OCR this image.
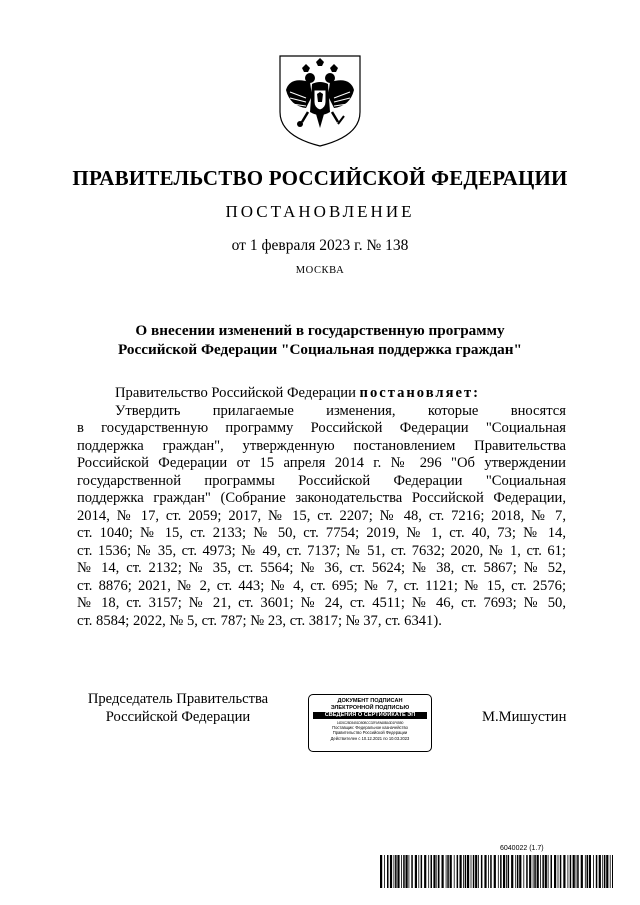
ПРАВИТЕЛЬСТВО РОССИЙСКОЙ ФЕДЕРАЦИИ
ПОСТАНОВЛЕНИЕ
от 1 февраля 2023 г. № 138
МОСКВА
О внесении изменений в государственную программу
Российской Федерации "Социальная поддержка граждан"
Правительство Российской Федерации постановляет:
Утвердить прилагаемые изменения, которые вносятся
в государственную программу Российской Федерации "Социальная
поддержка граждан", утвержденную постановлением Правительства
Российской Федерации от 15 апреля 2014 г. № 296 "Об утверждении
государственной программы Российской Федерации "Социальная
поддержка граждан" (Собрание законодательства Российской Федерации,
2014, № 17, ст. 2059; 2017, № 15, ст. 2207; № 48, ст. 7216; 2018, № 7,
ст. 1040; № 15, ст. 2133; № 50, ст. 7754; 2019, № 1, ст. 40, 73; № 14,
ст. 1536; № 35, ст. 4973; № 49, ст. 7137; № 51, ст. 7632; 2020, № 1, ст. 61;
№ 14, ст. 2132; № 35, ст. 5564; № 36, ст. 5624; № 38, ст. 5867; № 52,
ст. 8876; 2021, № 2, ст. 443; № 4, ст. 695; № 7, ст. 1121; № 15, ст. 2576;
№ 18, ст. 3157; № 21, ст. 3601; № 24, ст. 4511; № 46, ст. 7693; № 50,
ст. 8584; 2022, № 5, ст. 787; № 23, ст. 3817; № 37, ст. 6341).
Председатель Правительства
Российской Федерации
ДОКУМЕНТ ПОДПИСАН
ЭЛЕКТРОННОЙ ПОДПИСЬЮ
СВЕДЕНИЯ О СЕРТИФИКАТЕ ЭП
14D5C28D5451DB0BCC02FAFA68BA3D1F65B0
Поставщик: Федеральное казначейство
Правительство Российской Федерации
Действителен с 10.12.2021 по 10.03.2023
М.Мишустин
6040022 (1.7)
